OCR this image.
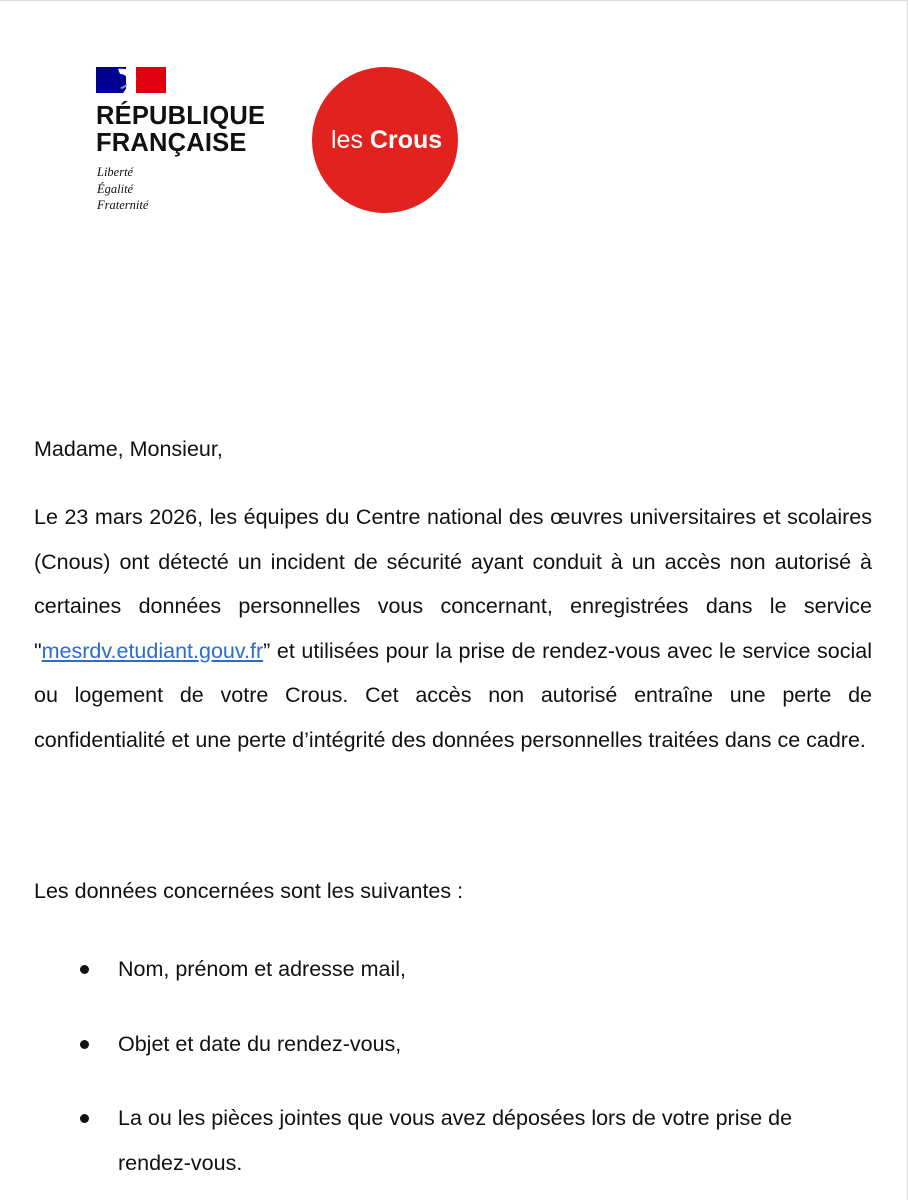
RÉPUBLIQUE
FRANÇAISE
Liberté
Égalité
Fraternité
les Crous
Madame, Monsieur,
Le 23 mars 2026, les équipes du Centre national des œuvres universitaires et scolaires (Cnous) ont détecté un incident de sécurité ayant conduit à un accès non autorisé à certaines données personnelles vous concernant, enregistrées dans le service "mesrdv.etudiant.gouv.fr” et utilisées pour la prise de rendez-vous avec le service social ou logement de votre Crous. Cet accès non autorisé entraîne une perte de confidentialité et une perte d’intégrité des données personnelles traitées dans ce cadre.
Les données concernées sont les suivantes :
Nom, prénom et adresse mail,
Objet et date du rendez-vous,
La ou les pièces jointes que vous avez déposées lors de votre prise de rendez-vous.
